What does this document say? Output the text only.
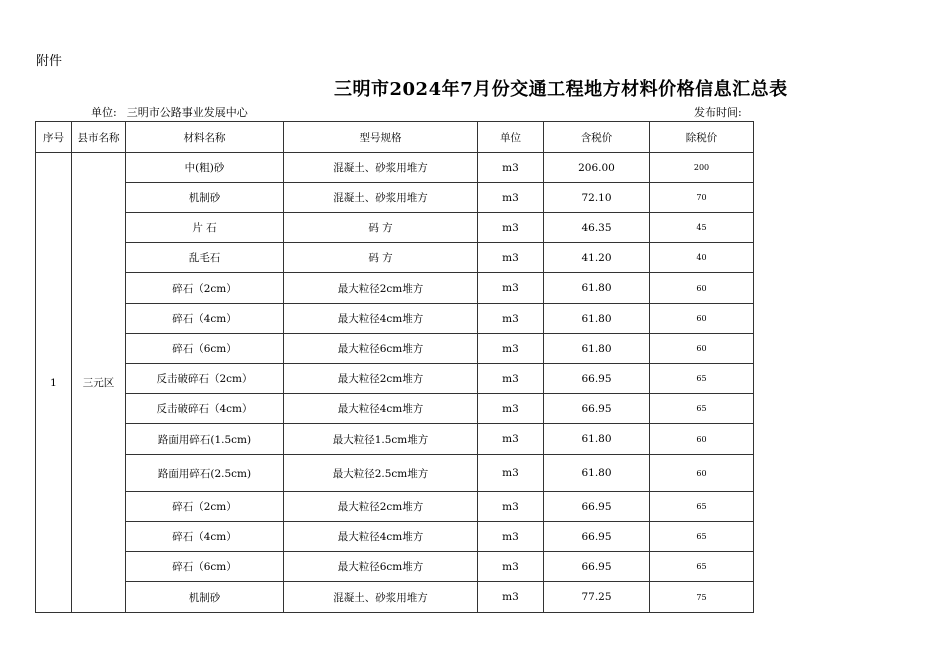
附件
三明市2024年7月份交通工程地方材料价格信息汇总表
单位: 三明市公路事业发展中心	发布时间:
序号	县市名称	材料名称	型号规格	单位	含税价	除税价
1	三元区	中(粗)砂	混凝土、砂浆用堆方	m3	206.00	200
		机制砂	混凝土、砂浆用堆方	m3	72.10	70
		片 石	码 方	m3	46.35	45
		乱毛石	码 方	m3	41.20	40
		碎石（2cm）	最大粒径2cm堆方	m3	61.80	60
		碎石（4cm）	最大粒径4cm堆方	m3	61.80	60
		碎石（6cm）	最大粒径6cm堆方	m3	61.80	60
		反击破碎石（2cm）	最大粒径2cm堆方	m3	66.95	65
		反击破碎石（4cm）	最大粒径4cm堆方	m3	66.95	65
		路面用碎石(1.5cm)	最大粒径1.5cm堆方	m3	61.80	60
		路面用碎石(2.5cm)	最大粒径2.5cm堆方	m3	61.80	60
		碎石（2cm）	最大粒径2cm堆方	m3	66.95	65
		碎石（4cm）	最大粒径4cm堆方	m3	66.95	65
		碎石（6cm）	最大粒径6cm堆方	m3	66.95	65
		机制砂	混凝土、砂浆用堆方	m3	77.25	75
